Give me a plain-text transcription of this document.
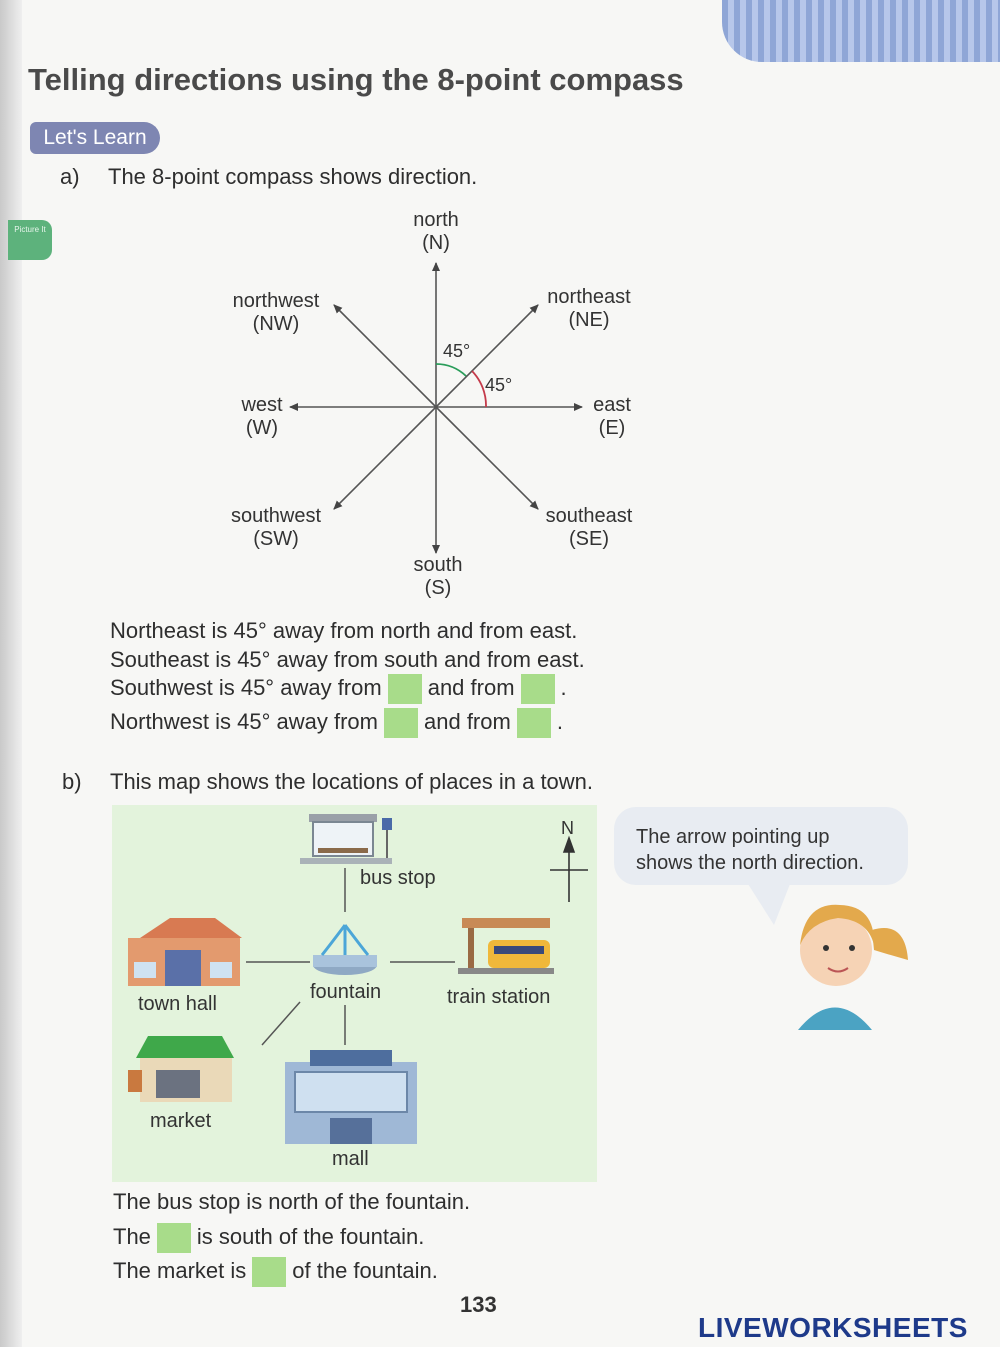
Telling directions using the 8-point compass
Let's Learn
Picture It
a) The 8-point compass shows direction.
north
(N)
northeast
(NE)
northwest
(NW)
west
(W)
east
(E)
southwest
(SW)
southeast
(SE)
south
(S)
45°
45°
Northeast is 45° away from north and from east.
Southeast is 45° away from south and from east.
Southwest is 45° away from and from .
Northwest is 45° away from and from .
b) This map shows the locations of places in a town.
bus stop
town hall
fountain	train station
market
mall
N	The arrow pointing up
shows the north direction.
The bus stop is north of the fountain.
The is south of the fountain.
The market is of the fountain.
133
LIVEWORKSHEETS
